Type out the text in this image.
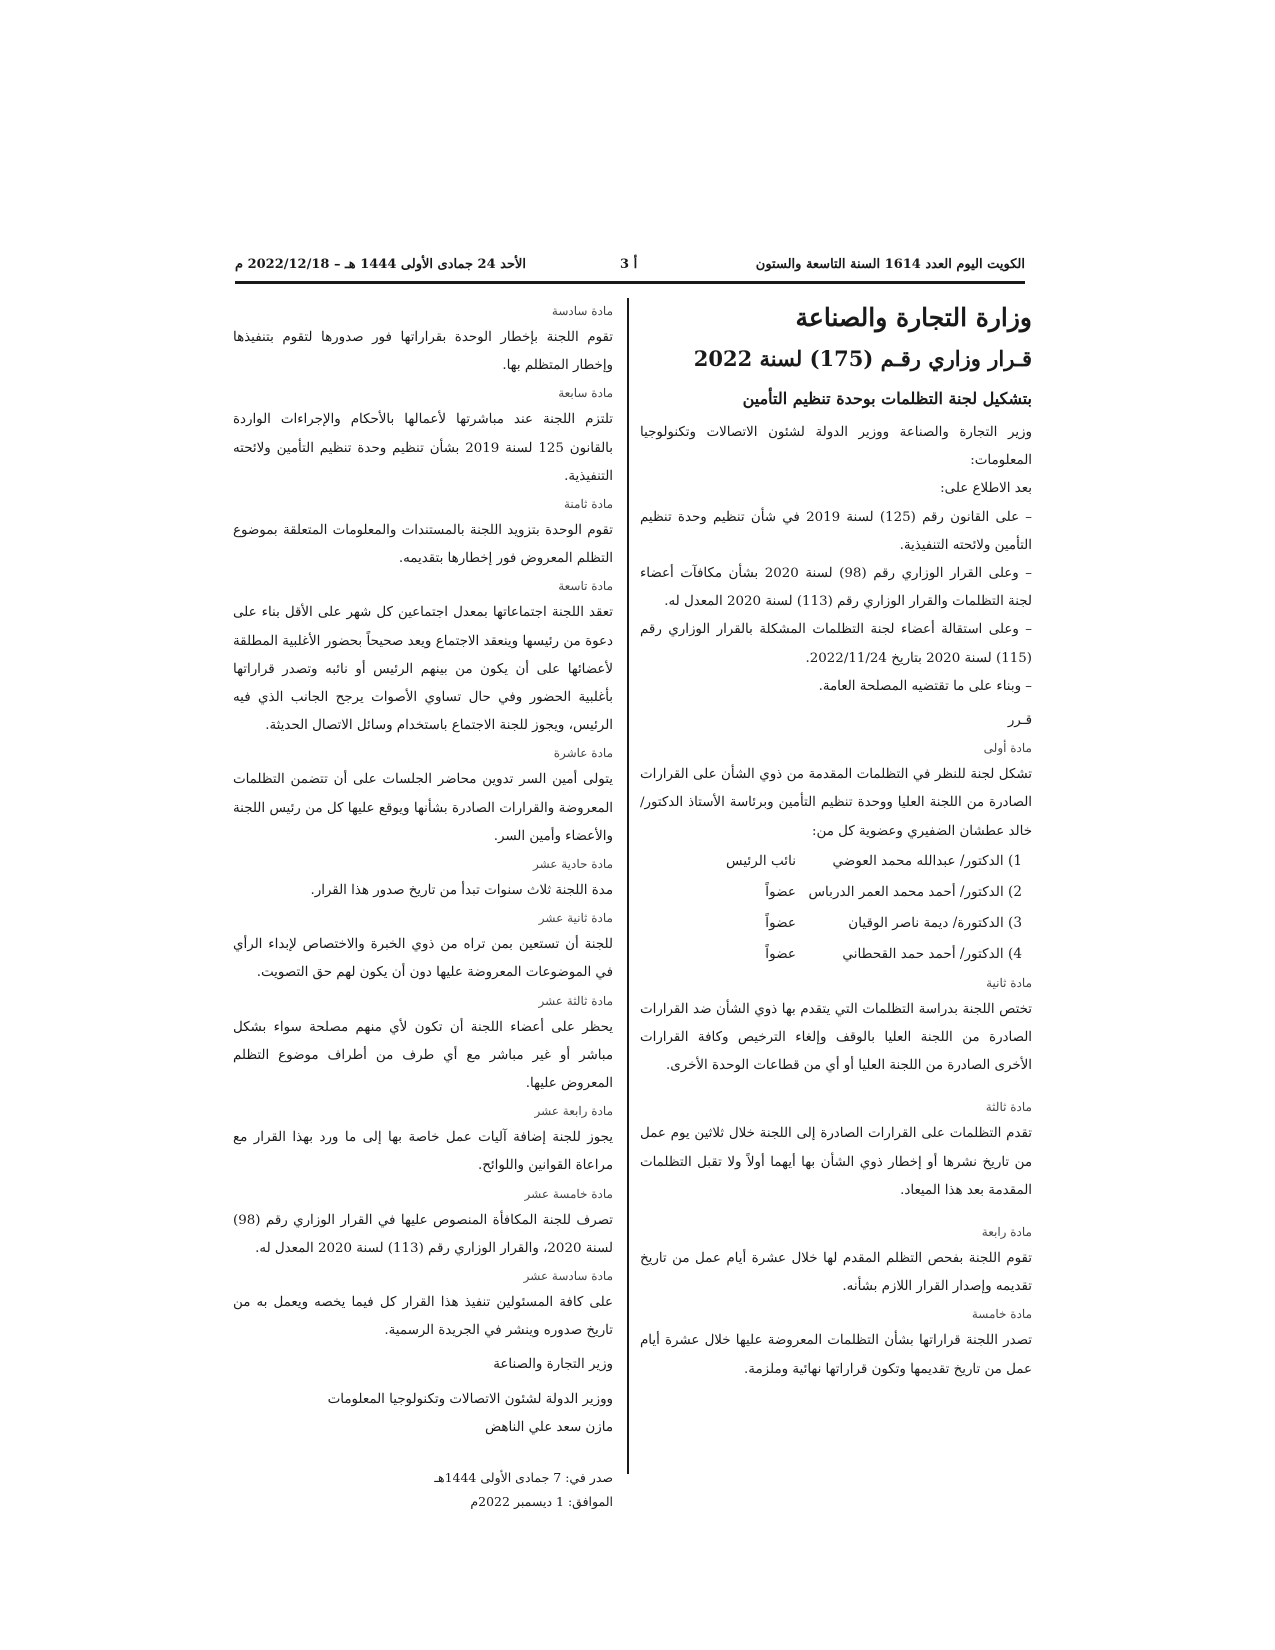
الكويت اليوم العدد 1614 السنة التاسعة والستون
أ 3
الأحد 24 جمادى الأولى 1444 هـ – 2022/12/18 م

وزارة التجارة والصناعة

قـرار وزاري رقـم (175) لسنة 2022

بتشكيل لجنة التظلمات بوحدة تنظيم التأمين

وزير التجارة والصناعة ووزير الدولة لشئون الاتصالات وتكنولوجيا المعلومات:

بعد الاطلاع على:

– على القانون رقم (125) لسنة 2019 في شأن تنظيم وحدة تنظيم التأمين ولائحته التنفيذية.

– وعلى القرار الوزاري رقم (98) لسنة 2020 بشأن مكافآت أعضاء لجنة التظلمات والقرار الوزاري رقم (113) لسنة 2020 المعدل له.

– وعلى استقالة أعضاء لجنة التظلمات المشكلة بالقرار الوزاري رقم (115) لسنة 2020 بتاريخ 2022/11/24.

– وبناء على ما تقتضيه المصلحة العامة.

قـرر

مادة أولى

تشكل لجنة للنظر في التظلمات المقدمة من ذوي الشأن على القرارات الصادرة من اللجنة العليا ووحدة تنظيم التأمين وبرئاسة الأستاذ الدكتور/ خالد عطشان الضفيري وعضوية كل من:

1) الدكتور/ عبدالله محمد العوضي
نائب الرئيس
2) الدكتور/ أحمد محمد العمر الدرباس
عضواً
3) الدكتورة/ ديمة ناصر الوقيان
عضواً
4) الدكتور/ أحمد حمد القحطاني
عضواً

مادة ثانية

تختص اللجنة بدراسة التظلمات التي يتقدم بها ذوي الشأن ضد القرارات الصادرة من اللجنة العليا بالوقف وإلغاء الترخيص وكافة القرارات الأخرى الصادرة من اللجنة العليا أو أي من قطاعات الوحدة الأخرى.

مادة ثالثة

تقدم التظلمات على القرارات الصادرة إلى اللجنة خلال ثلاثين يوم عمل من تاريخ نشرها أو إخطار ذوي الشأن بها أيهما أولاً ولا تقبل التظلمات المقدمة بعد هذا الميعاد.

مادة رابعة

تقوم اللجنة بفحص التظلم المقدم لها خلال عشرة أيام عمل من تاريخ تقديمه وإصدار القرار اللازم بشأنه.

مادة خامسة

تصدر اللجنة قراراتها بشأن التظلمات المعروضة عليها خلال عشرة أيام عمل من تاريخ تقديمها وتكون قراراتها نهائية وملزمة.

مادة سادسة

تقوم اللجنة بإخطار الوحدة بقراراتها فور صدورها لتقوم بتنفيذها وإخطار المتظلم بها.

مادة سابعة

تلتزم اللجنة عند مباشرتها لأعمالها بالأحكام والإجراءات الواردة بالقانون 125 لسنة 2019 بشأن تنظيم وحدة تنظيم التأمين ولائحته التنفيذية.

مادة ثامنة

تقوم الوحدة بتزويد اللجنة بالمستندات والمعلومات المتعلقة بموضوع التظلم المعروض فور إخطارها بتقديمه.

مادة تاسعة

تعقد اللجنة اجتماعاتها بمعدل اجتماعين كل شهر على الأقل بناء على دعوة من رئيسها وينعقد الاجتماع ويعد صحيحاً بحضور الأغلبية المطلقة لأعضائها على أن يكون من بينهم الرئيس أو نائبه وتصدر قراراتها بأغلبية الحضور وفي حال تساوي الأصوات يرجح الجانب الذي فيه الرئيس، ويجوز للجنة الاجتماع باستخدام وسائل الاتصال الحديثة.

مادة عاشرة

يتولى أمين السر تدوين محاضر الجلسات على أن تتضمن التظلمات المعروضة والقرارات الصادرة بشأنها ويوقع عليها كل من رئيس اللجنة والأعضاء وأمين السر.

مادة حادية عشر

مدة اللجنة ثلاث سنوات تبدأ من تاريخ صدور هذا القرار.

مادة ثانية عشر

للجنة أن تستعين بمن تراه من ذوي الخبرة والاختصاص لإبداء الرأي في الموضوعات المعروضة عليها دون أن يكون لهم حق التصويت.

مادة ثالثة عشر

يحظر على أعضاء اللجنة أن تكون لأي منهم مصلحة سواء بشكل مباشر أو غير مباشر مع أي طرف من أطراف موضوع التظلم المعروض عليها.

مادة رابعة عشر

يجوز للجنة إضافة آليات عمل خاصة بها إلى ما ورد بهذا القرار مع مراعاة القوانين واللوائح.

مادة خامسة عشر

تصرف للجنة المكافأة المنصوص عليها في القرار الوزاري رقم (98) لسنة 2020، والقرار الوزاري رقم (113) لسنة 2020 المعدل له.

مادة سادسة عشر

على كافة المسئولين تنفيذ هذا القرار كل فيما يخصه ويعمل به من تاريخ صدوره وينشر في الجريدة الرسمية.

وزير التجارة والصناعة

ووزير الدولة لشئون الاتصالات وتكنولوجيا المعلومات

مازن سعد علي الناهض

صدر في: 7 جمادى الأولى 1444هـ
الموافق: 1 ديسمبر 2022م
